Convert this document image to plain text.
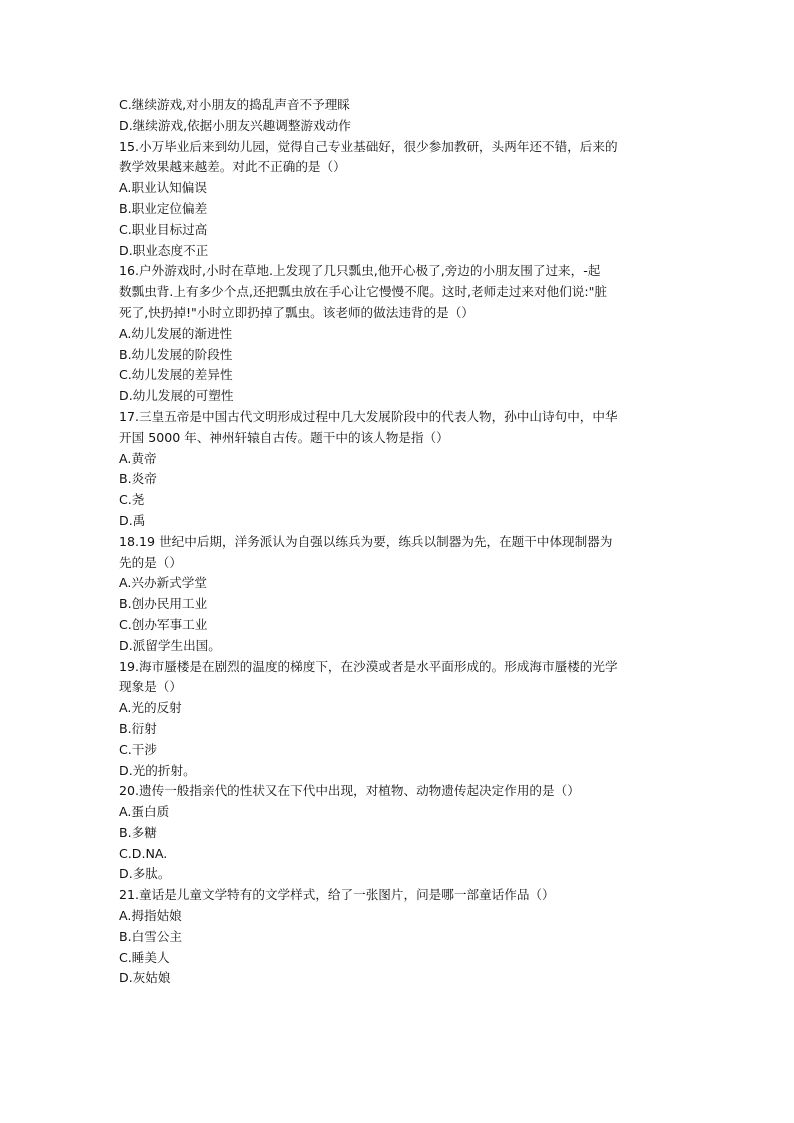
C.继续游戏,对小朋友的捣乱声音不予理睬
D.继续游戏,依据小朋友兴趣调整游戏动作
15.小万毕业后来到幼儿园，觉得自己专业基础好，很少参加教研，头两年还不错，后来的
教学效果越来越差。对此不正确的是（）
A.职业认知偏误
B.职业定位偏差
C.职业目标过高
D.职业态度不正
16.户外游戏时,小时在草地.上发现了几只瓢虫,他开心极了,旁边的小朋友围了过来，-起
数瓢虫背.上有多少个点,还把瓢虫放在手心让它慢慢不爬。这时,老师走过来对他们说:"脏
死了,快扔掉!"小时立即扔掉了瓢虫。该老师的做法违背的是（）
A.幼儿发展的渐进性
B.幼儿发展的阶段性
C.幼儿发展的差异性
D.幼儿发展的可塑性
17.三皇五帝是中国古代文明形成过程中几大发展阶段中的代表人物，孙中山诗句中，中华
开国 5000 年、神州轩辕自古传。题干中的该人物是指（）
A.黄帝
B.炎帝
C.尧
D.禹
18.19 世纪中后期，洋务派认为自强以练兵为要，练兵以制器为先，在题干中体现制器为
先的是（）
A.兴办新式学堂
B.创办民用工业
C.创办军事工业
D.派留学生出国。
19.海市蜃楼是在剧烈的温度的梯度下，在沙漠或者是水平面形成的。形成海市蜃楼的光学
现象是（）
A.光的反射
B.衍射
C.干涉
D.光的折射。
20.遗传一般指亲代的性状又在下代中出现，对植物、动物遗传起决定作用的是（）
A.蛋白质
B.多糖
C.D.NA.
D.多肽。
21.童话是儿童文学特有的文学样式，给了一张图片，问是哪一部童话作品（）
A.拇指姑娘
B.白雪公主
C.睡美人
D.灰姑娘
